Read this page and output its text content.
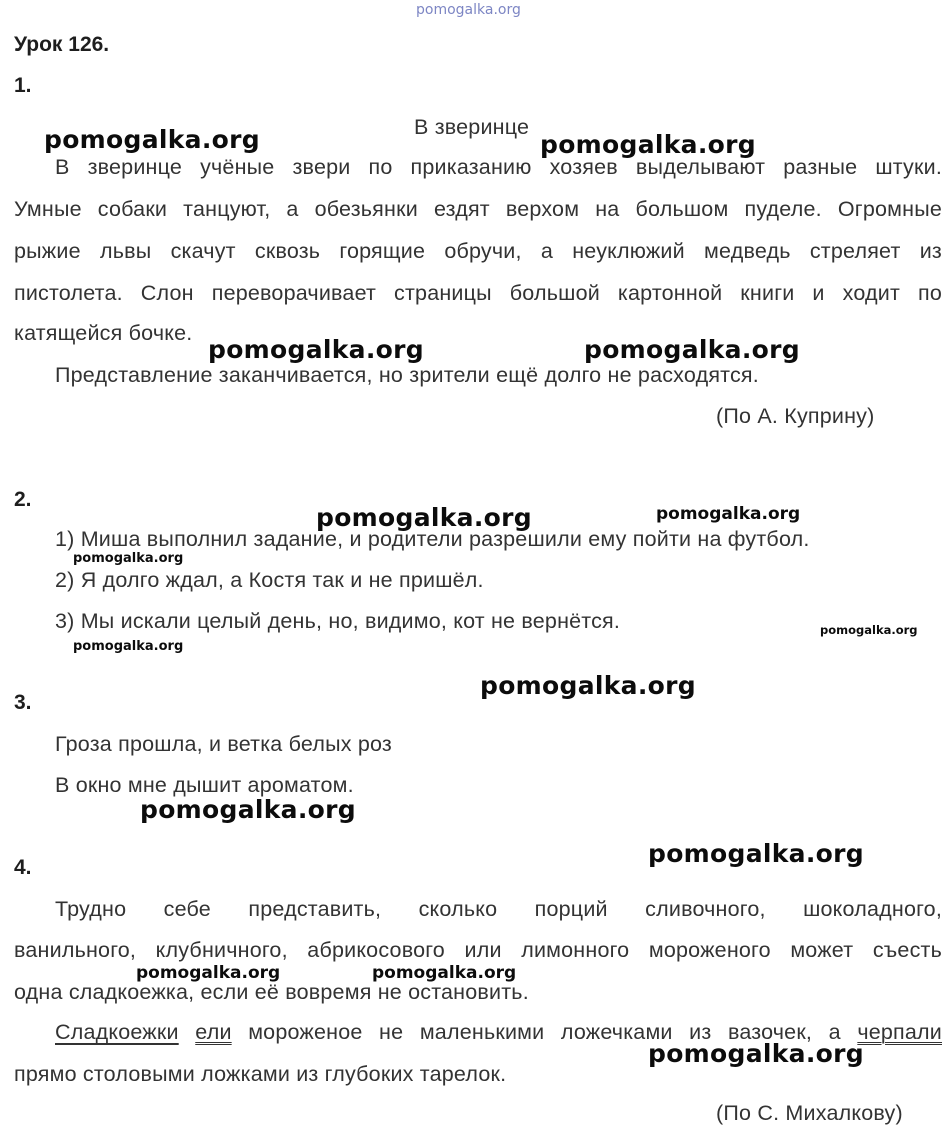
pomogalka.org
Урок 126.
1.
В зверинце
В зверинце учёные звери по приказанию хозяев выделывают разные штуки.
Умные собаки танцуют, а обезьянки ездят верхом на большом пуделе. Огромные
рыжие львы скачут сквозь горящие обручи, а неуклюжий медведь стреляет из
пистолета. Слон переворачивает страницы большой картонной книги и ходит по
катящейся бочке.
Представление заканчивается, но зрители ещё долго не расходятся.
(По А. Куприну)
2.
1) Миша выполнил задание, и родители разрешили ему пойти на футбол.
2) Я долго ждал, а Костя так и не пришёл.
3) Мы искали целый день, но, видимо, кот не вернётся.
3.
Гроза прошла, и ветка белых роз
В окно мне дышит ароматом.
4.
Трудно себе представить, сколько порций сливочного, шоколадного,
ванильного, клубничного, абрикосового или лимонного мороженого может съесть
одна сладкоежка, если её вовремя не остановить.
Сладкоежки ели мороженое не маленькими ложечками из вазочек, а черпали
прямо столовыми ложками из глубоких тарелок.
(По С. Михалкову)
pomogalka.org	pomogalka.org
pomogalka.org	pomogalka.org
pomogalka.org	pomogalka.org
pomogalka.org
pomogalka.org
pomogalka.org
pomogalka.org
pomogalka.org
pomogalka.org
pomogalka.org	pomogalka.org
pomogalka.org
